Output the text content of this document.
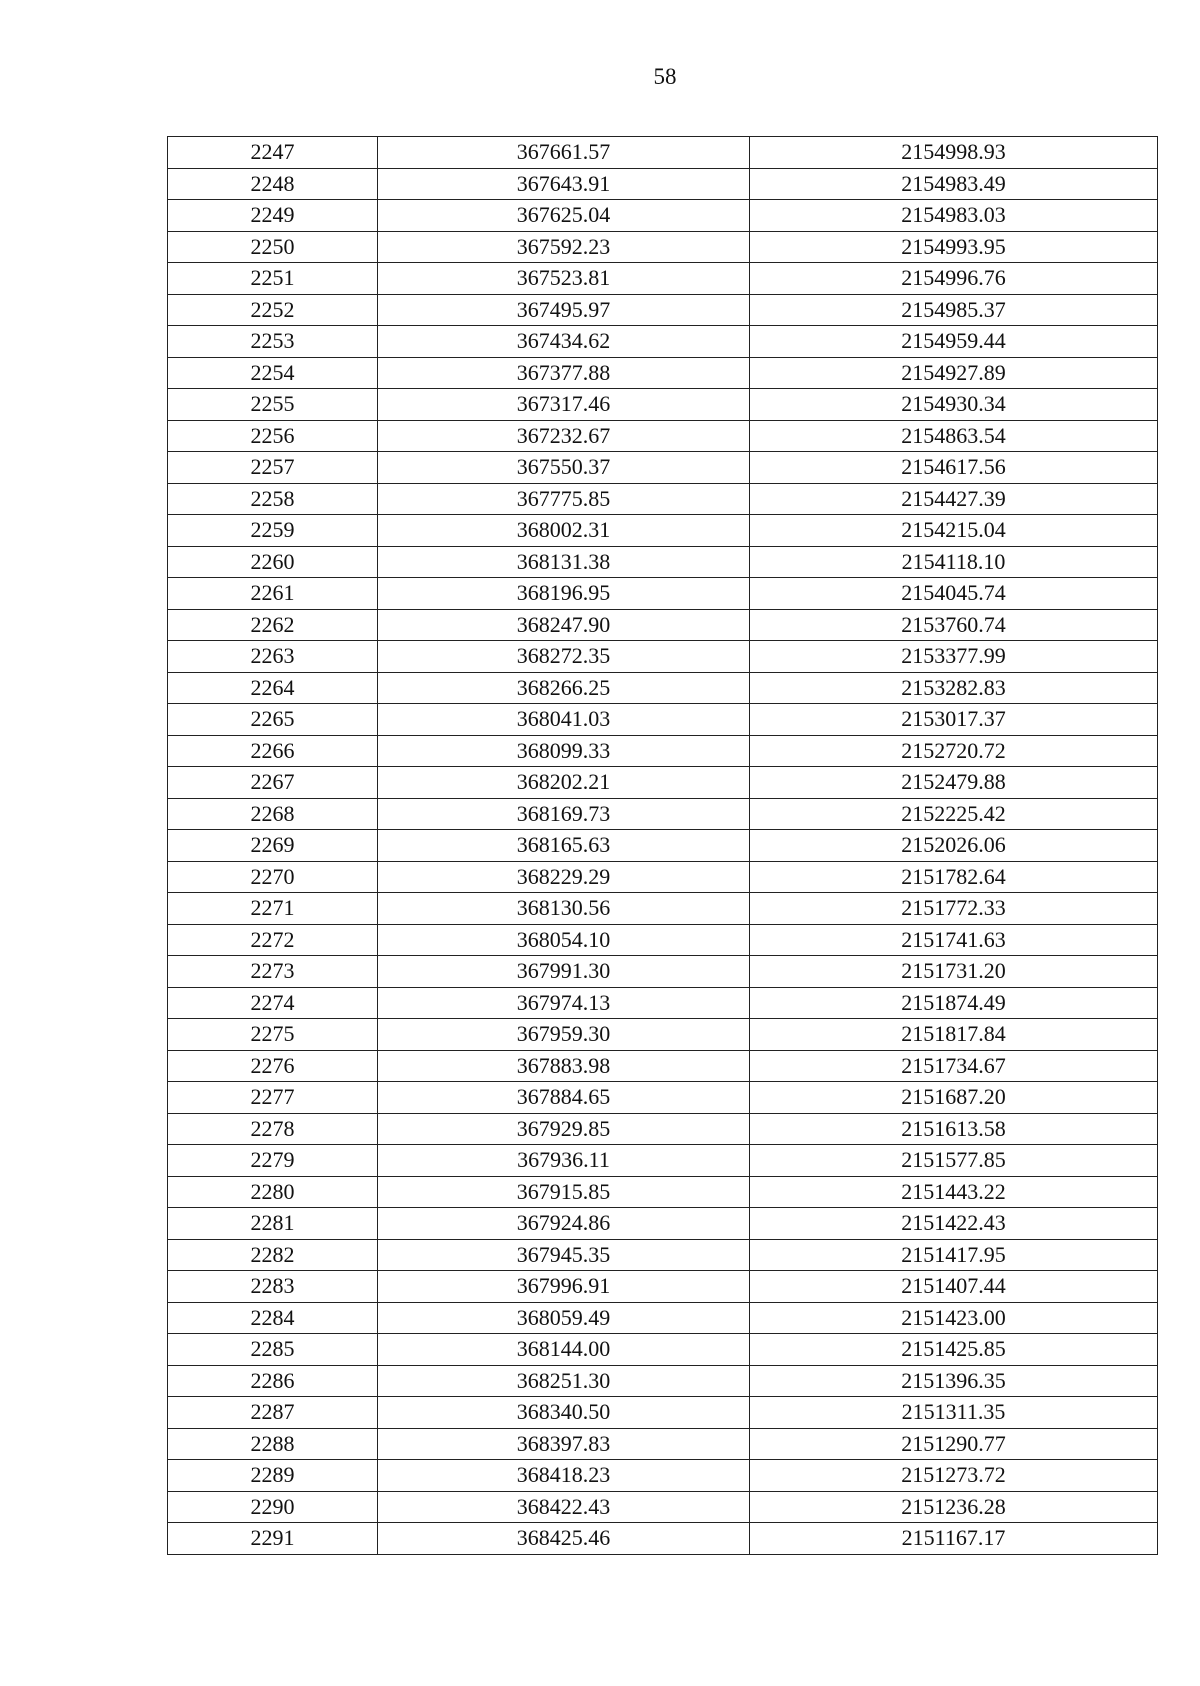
58
2247	367661.57	2154998.93
2248	367643.91	2154983.49
2249	367625.04	2154983.03
2250	367592.23	2154993.95
2251	367523.81	2154996.76
2252	367495.97	2154985.37
2253	367434.62	2154959.44
2254	367377.88	2154927.89
2255	367317.46	2154930.34
2256	367232.67	2154863.54
2257	367550.37	2154617.56
2258	367775.85	2154427.39
2259	368002.31	2154215.04
2260	368131.38	2154118.10
2261	368196.95	2154045.74
2262	368247.90	2153760.74
2263	368272.35	2153377.99
2264	368266.25	2153282.83
2265	368041.03	2153017.37
2266	368099.33	2152720.72
2267	368202.21	2152479.88
2268	368169.73	2152225.42
2269	368165.63	2152026.06
2270	368229.29	2151782.64
2271	368130.56	2151772.33
2272	368054.10	2151741.63
2273	367991.30	2151731.20
2274	367974.13	2151874.49
2275	367959.30	2151817.84
2276	367883.98	2151734.67
2277	367884.65	2151687.20
2278	367929.85	2151613.58
2279	367936.11	2151577.85
2280	367915.85	2151443.22
2281	367924.86	2151422.43
2282	367945.35	2151417.95
2283	367996.91	2151407.44
2284	368059.49	2151423.00
2285	368144.00	2151425.85
2286	368251.30	2151396.35
2287	368340.50	2151311.35
2288	368397.83	2151290.77
2289	368418.23	2151273.72
2290	368422.43	2151236.28
2291	368425.46	2151167.17
